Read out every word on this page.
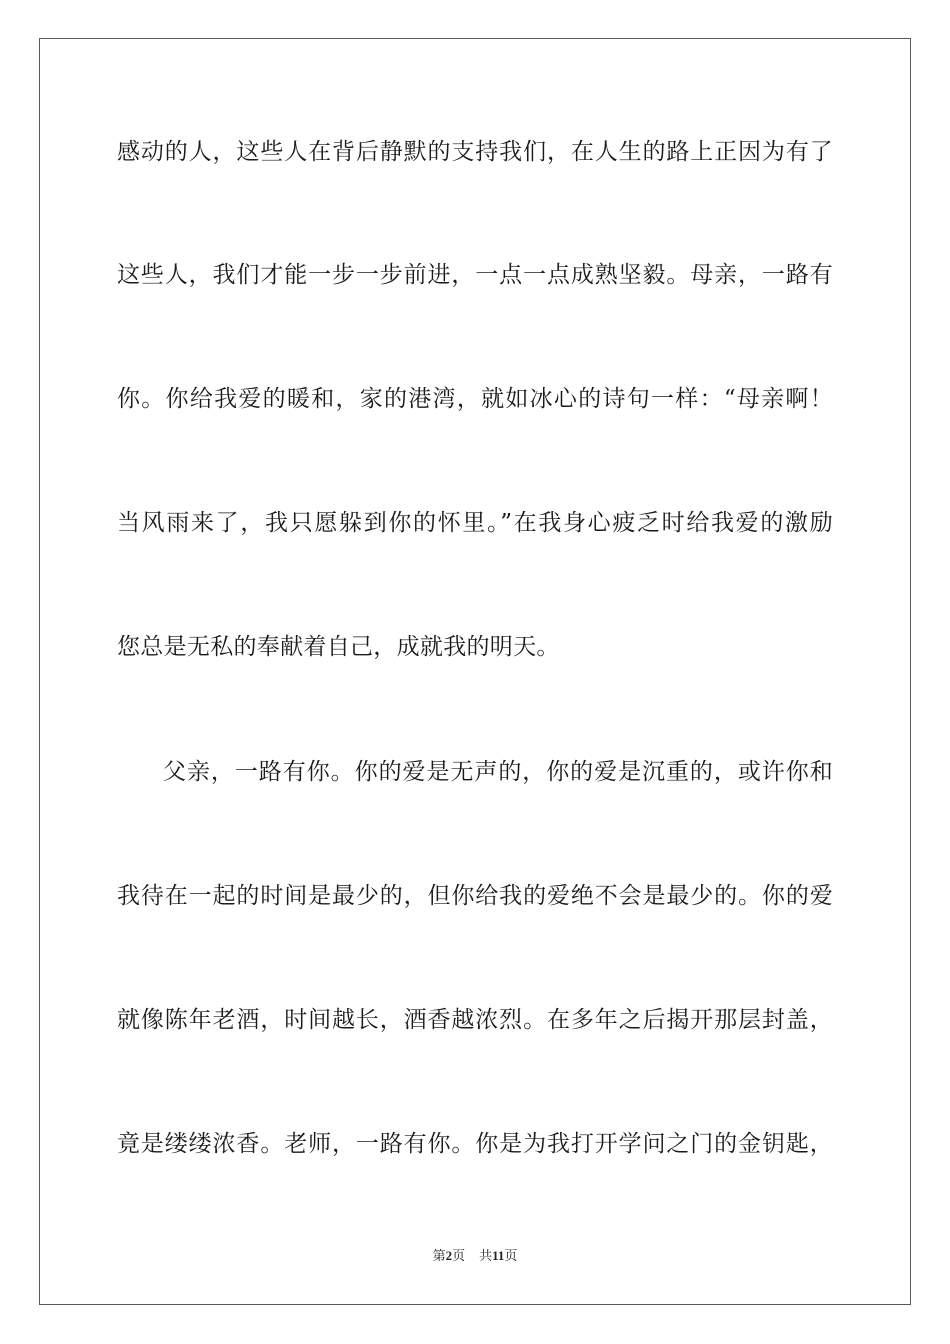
感动的人，这些人在背后静默的支持我们，在人生的路上正因为有了
这些人，我们才能一步一步前进，一点一点成熟坚毅。母亲，一路有
你。你给我爱的暖和，家的港湾，就如冰心的诗句一样：“母亲啊！
当风雨来了，我只愿躲到你的怀里。”在我身心疲乏时给我爱的激励
您总是无私的奉献着自己，成就我的明天。
父亲，一路有你。你的爱是无声的，你的爱是沉重的，或许你和
我待在一起的时间是最少的，但你给我的爱绝不会是最少的。你的爱
就像陈年老酒，时间越长，酒香越浓烈。在多年之后揭开那层封盖，
竟是缕缕浓香。老师，一路有你。你是为我打开学问之门的金钥匙，
第2页 共11页
